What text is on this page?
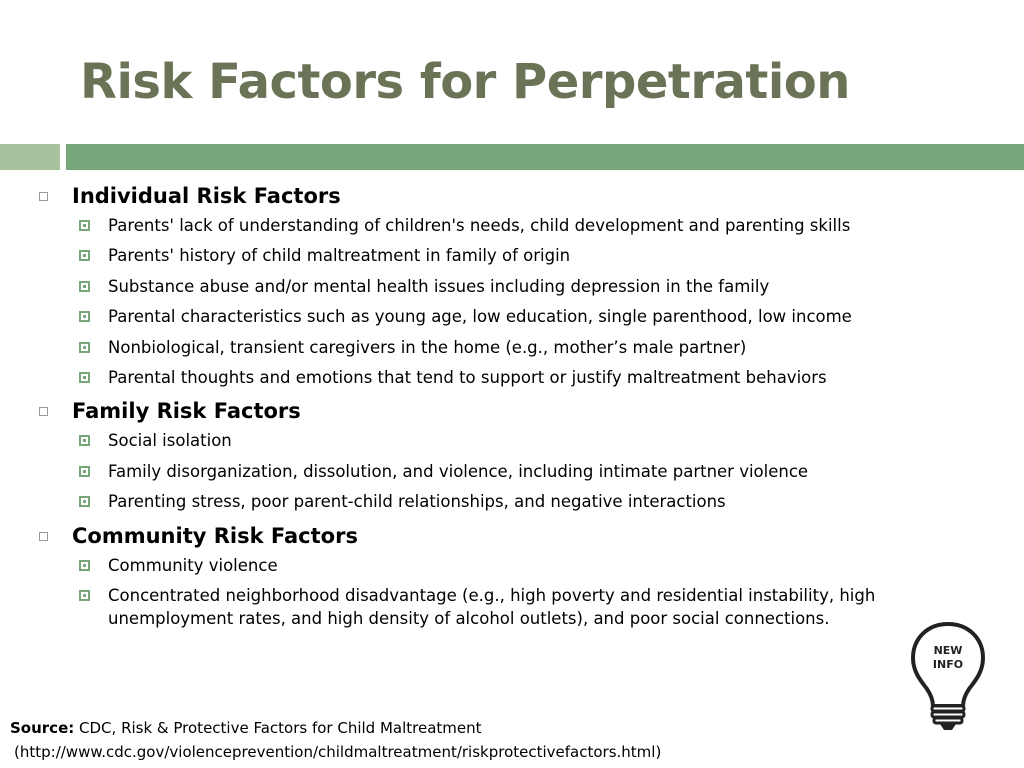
Risk Factors for Perpetration
Individual Risk Factors
Parents' lack of understanding of children's needs, child development and parenting skills
Parents' history of child maltreatment in family of origin
Substance abuse and/or mental health issues including depression in the family
Parental characteristics such as young age, low education, single parenthood, low income
Nonbiological, transient caregivers in the home (e.g., mother’s male partner)
Parental thoughts and emotions that tend to support or justify maltreatment behaviors
Family Risk Factors
Social isolation
Family disorganization, dissolution, and violence, including intimate partner violence
Parenting stress, poor parent-child relationships, and negative interactions
Community Risk Factors
Community violence
Concentrated neighborhood disadvantage (e.g., high poverty and residential instability, high unemployment rates, and high density of alcohol outlets), and poor social connections.
NEW
INFO
Source: CDC, Risk & Protective Factors for Child Maltreatment
(http://www.cdc.gov/violenceprevention/childmaltreatment/riskprotectivefactors.html)
